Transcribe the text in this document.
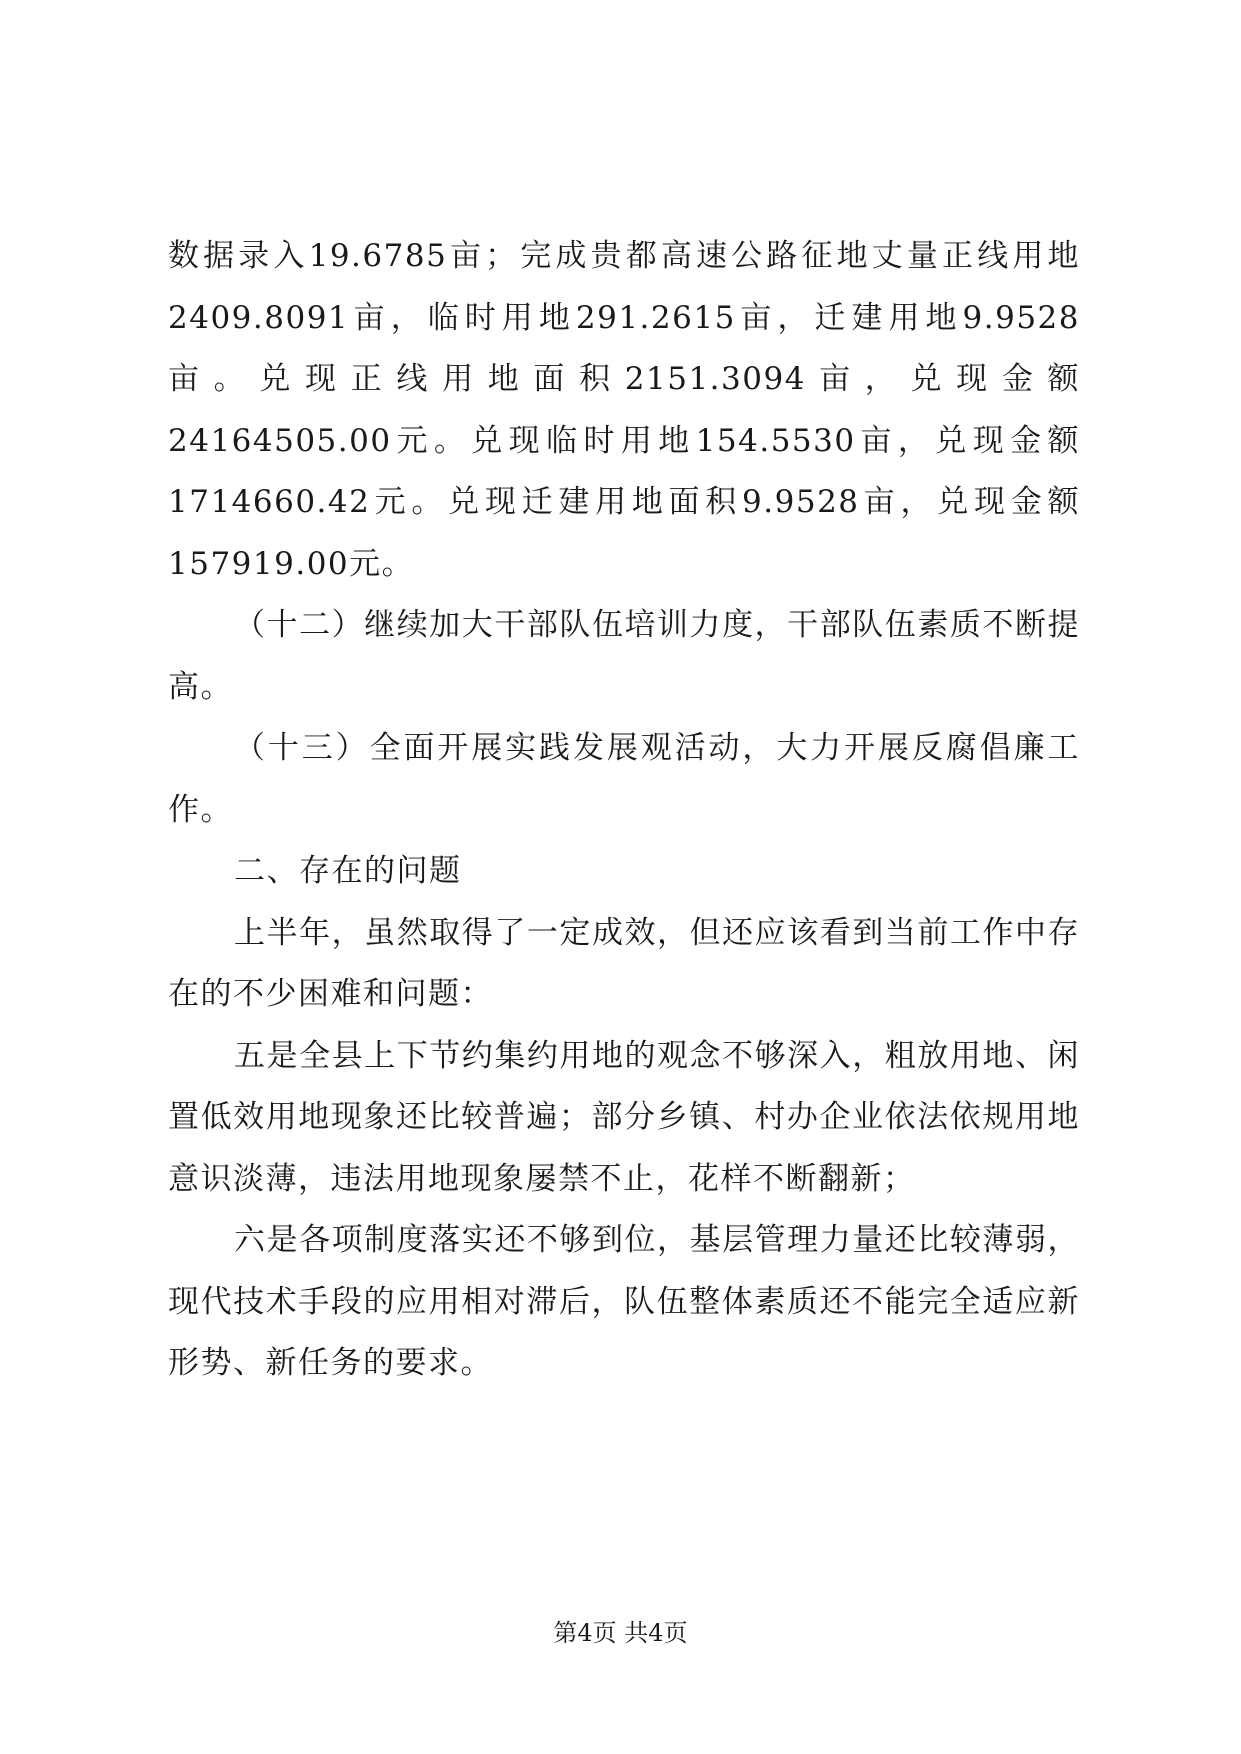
数据录入19.6785亩；完成贵都高速公路征地丈量正线用地2409.8091亩，临时用地291.2615亩，迁建用地9.9528亩。兑现正线用地面积2151.3094亩，兑现金额24164505.00元。兑现临时用地154.5530亩，兑现金额1714660.42元。兑现迁建用地面积9.9528亩，兑现金额157919.00元。

（十二）继续加大干部队伍培训力度，干部队伍素质不断提高。

（十三）全面开展实践发展观活动，大力开展反腐倡廉工作。

二、存在的问题

上半年，虽然取得了一定成效，但还应该看到当前工作中存在的不少困难和问题：

五是全县上下节约集约用地的观念不够深入，粗放用地、闲置低效用地现象还比较普遍；部分乡镇、村办企业依法依规用地意识淡薄，违法用地现象屡禁不止，花样不断翻新；

六是各项制度落实还不够到位，基层管理力量还比较薄弱，现代技术手段的应用相对滞后，队伍整体素质还不能完全适应新形势、新任务的要求。

第4页 共4页
